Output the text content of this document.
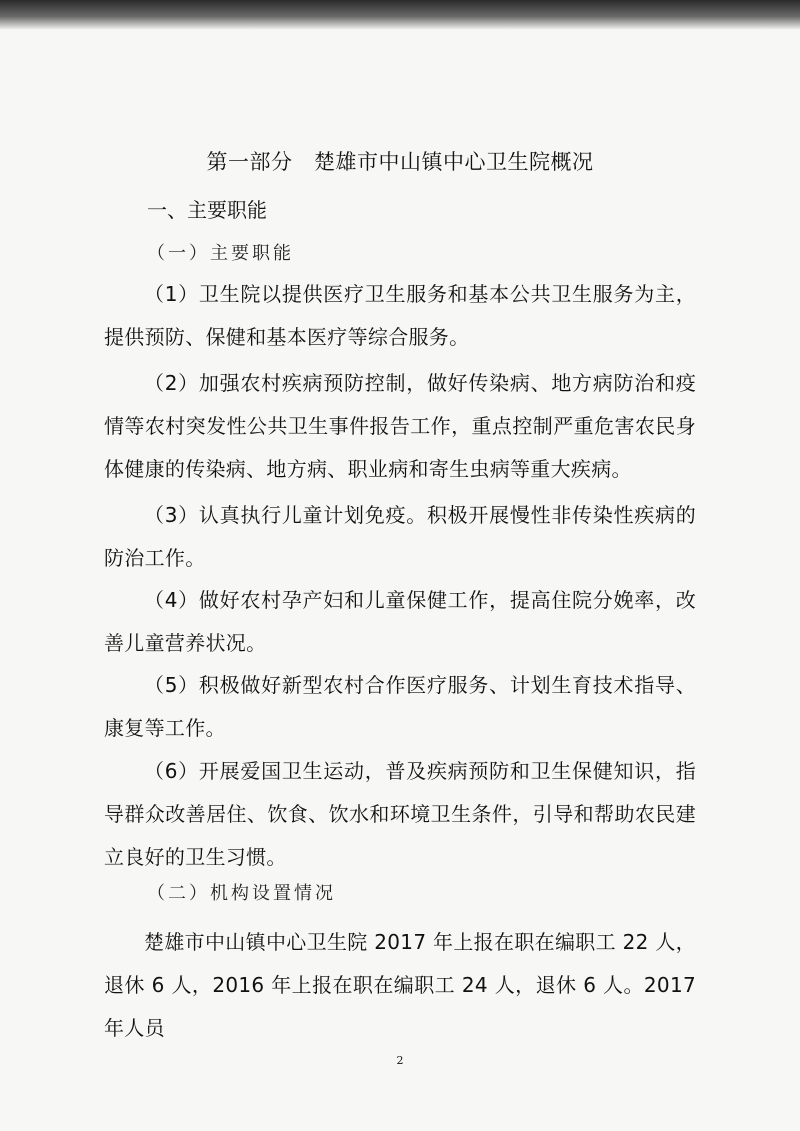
第一部分　楚雄市中山镇中心卫生院概况
一、主要职能
（一）主要职能
（1）卫生院以提供医疗卫生服务和基本公共卫生服务为主，提供预防、保健和基本医疗等综合服务。
（2）加强农村疾病预防控制，做好传染病、地方病防治和疫情等农村突发性公共卫生事件报告工作，重点控制严重危害农民身体健康的传染病、地方病、职业病和寄生虫病等重大疾病。
（3）认真执行儿童计划免疫。积极开展慢性非传染性疾病的防治工作。
（4）做好农村孕产妇和儿童保健工作，提高住院分娩率，改善儿童营养状况。
（5）积极做好新型农村合作医疗服务、计划生育技术指导、康复等工作。
（6）开展爱国卫生运动，普及疾病预防和卫生保健知识，指导群众改善居住、饮食、饮水和环境卫生条件，引导和帮助农民建立良好的卫生习惯。
（二）机构设置情况
楚雄市中山镇中心卫生院 2017 年上报在职在编职工 22 人，退休 6 人，2016 年上报在职在编职工 24 人，退休 6 人。2017 年人员
2
